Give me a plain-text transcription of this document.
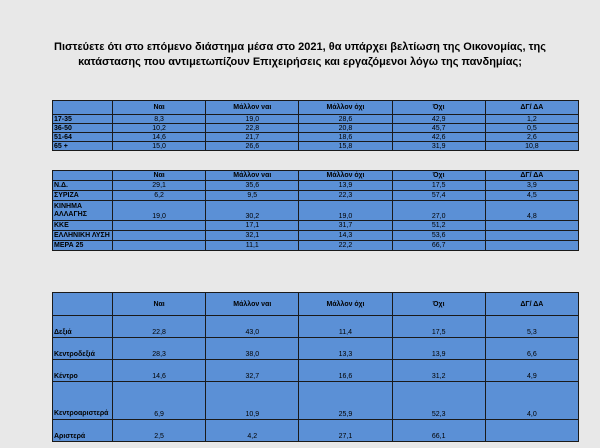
Πιστεύετε ότι στο επόμενο διάστημα μέσα στο 2021, θα υπάρχει βελτίωση της Οικονομίας, της κατάστασης που αντιμετωπίζουν Επιχειρήσεις και εργαζόμενοι λόγω της πανδημίας;
	Ναι	Μάλλον ναι	Μάλλον όχι	Όχι	ΔΓ/ ΔΑ
17-35	8,3	19,0	28,6	42,9	1,2
36-50	10,2	22,8	20,8	45,7	0,5
51-64	14,6	21,7	18,6	42,6	2,6
65 +	15,0	26,6	15,8	31,9	10,8
	Ναι	Μάλλον ναι	Μάλλον όχι	Όχι	ΔΓ/ ΔΑ
Ν.Δ.	29,1	35,6	13,9	17,5	3,9
ΣΥΡΙΖΑ	6,2	9,5	22,3	57,4	4,5
ΚΙΝΗΜΑ ΑΛΛΑΓΗΣ	19,0	30,2	19,0	27,0	4,8
ΚΚΕ		17,1	31,7	51,2	
ΕΛΛΗΝΙΚΗ ΛΥΣΗ		32,1	14,3	53,6	
ΜΕΡΑ 25		11,1	22,2	66,7	
	Ναι	Μάλλον ναι	Μάλλον όχι	Όχι	ΔΓ/ ΔΑ
Δεξιά	22,8	43,0	11,4	17,5	5,3
Κεντροδεξιά	28,3	38,0	13,3	13,9	6,6
Κέντρο	14,6	32,7	16,6	31,2	4,9
Κεντροαριστερά	6,9	10,9	25,9	52,3	4,0
Αριστερά	2,5	4,2	27,1	66,1	
